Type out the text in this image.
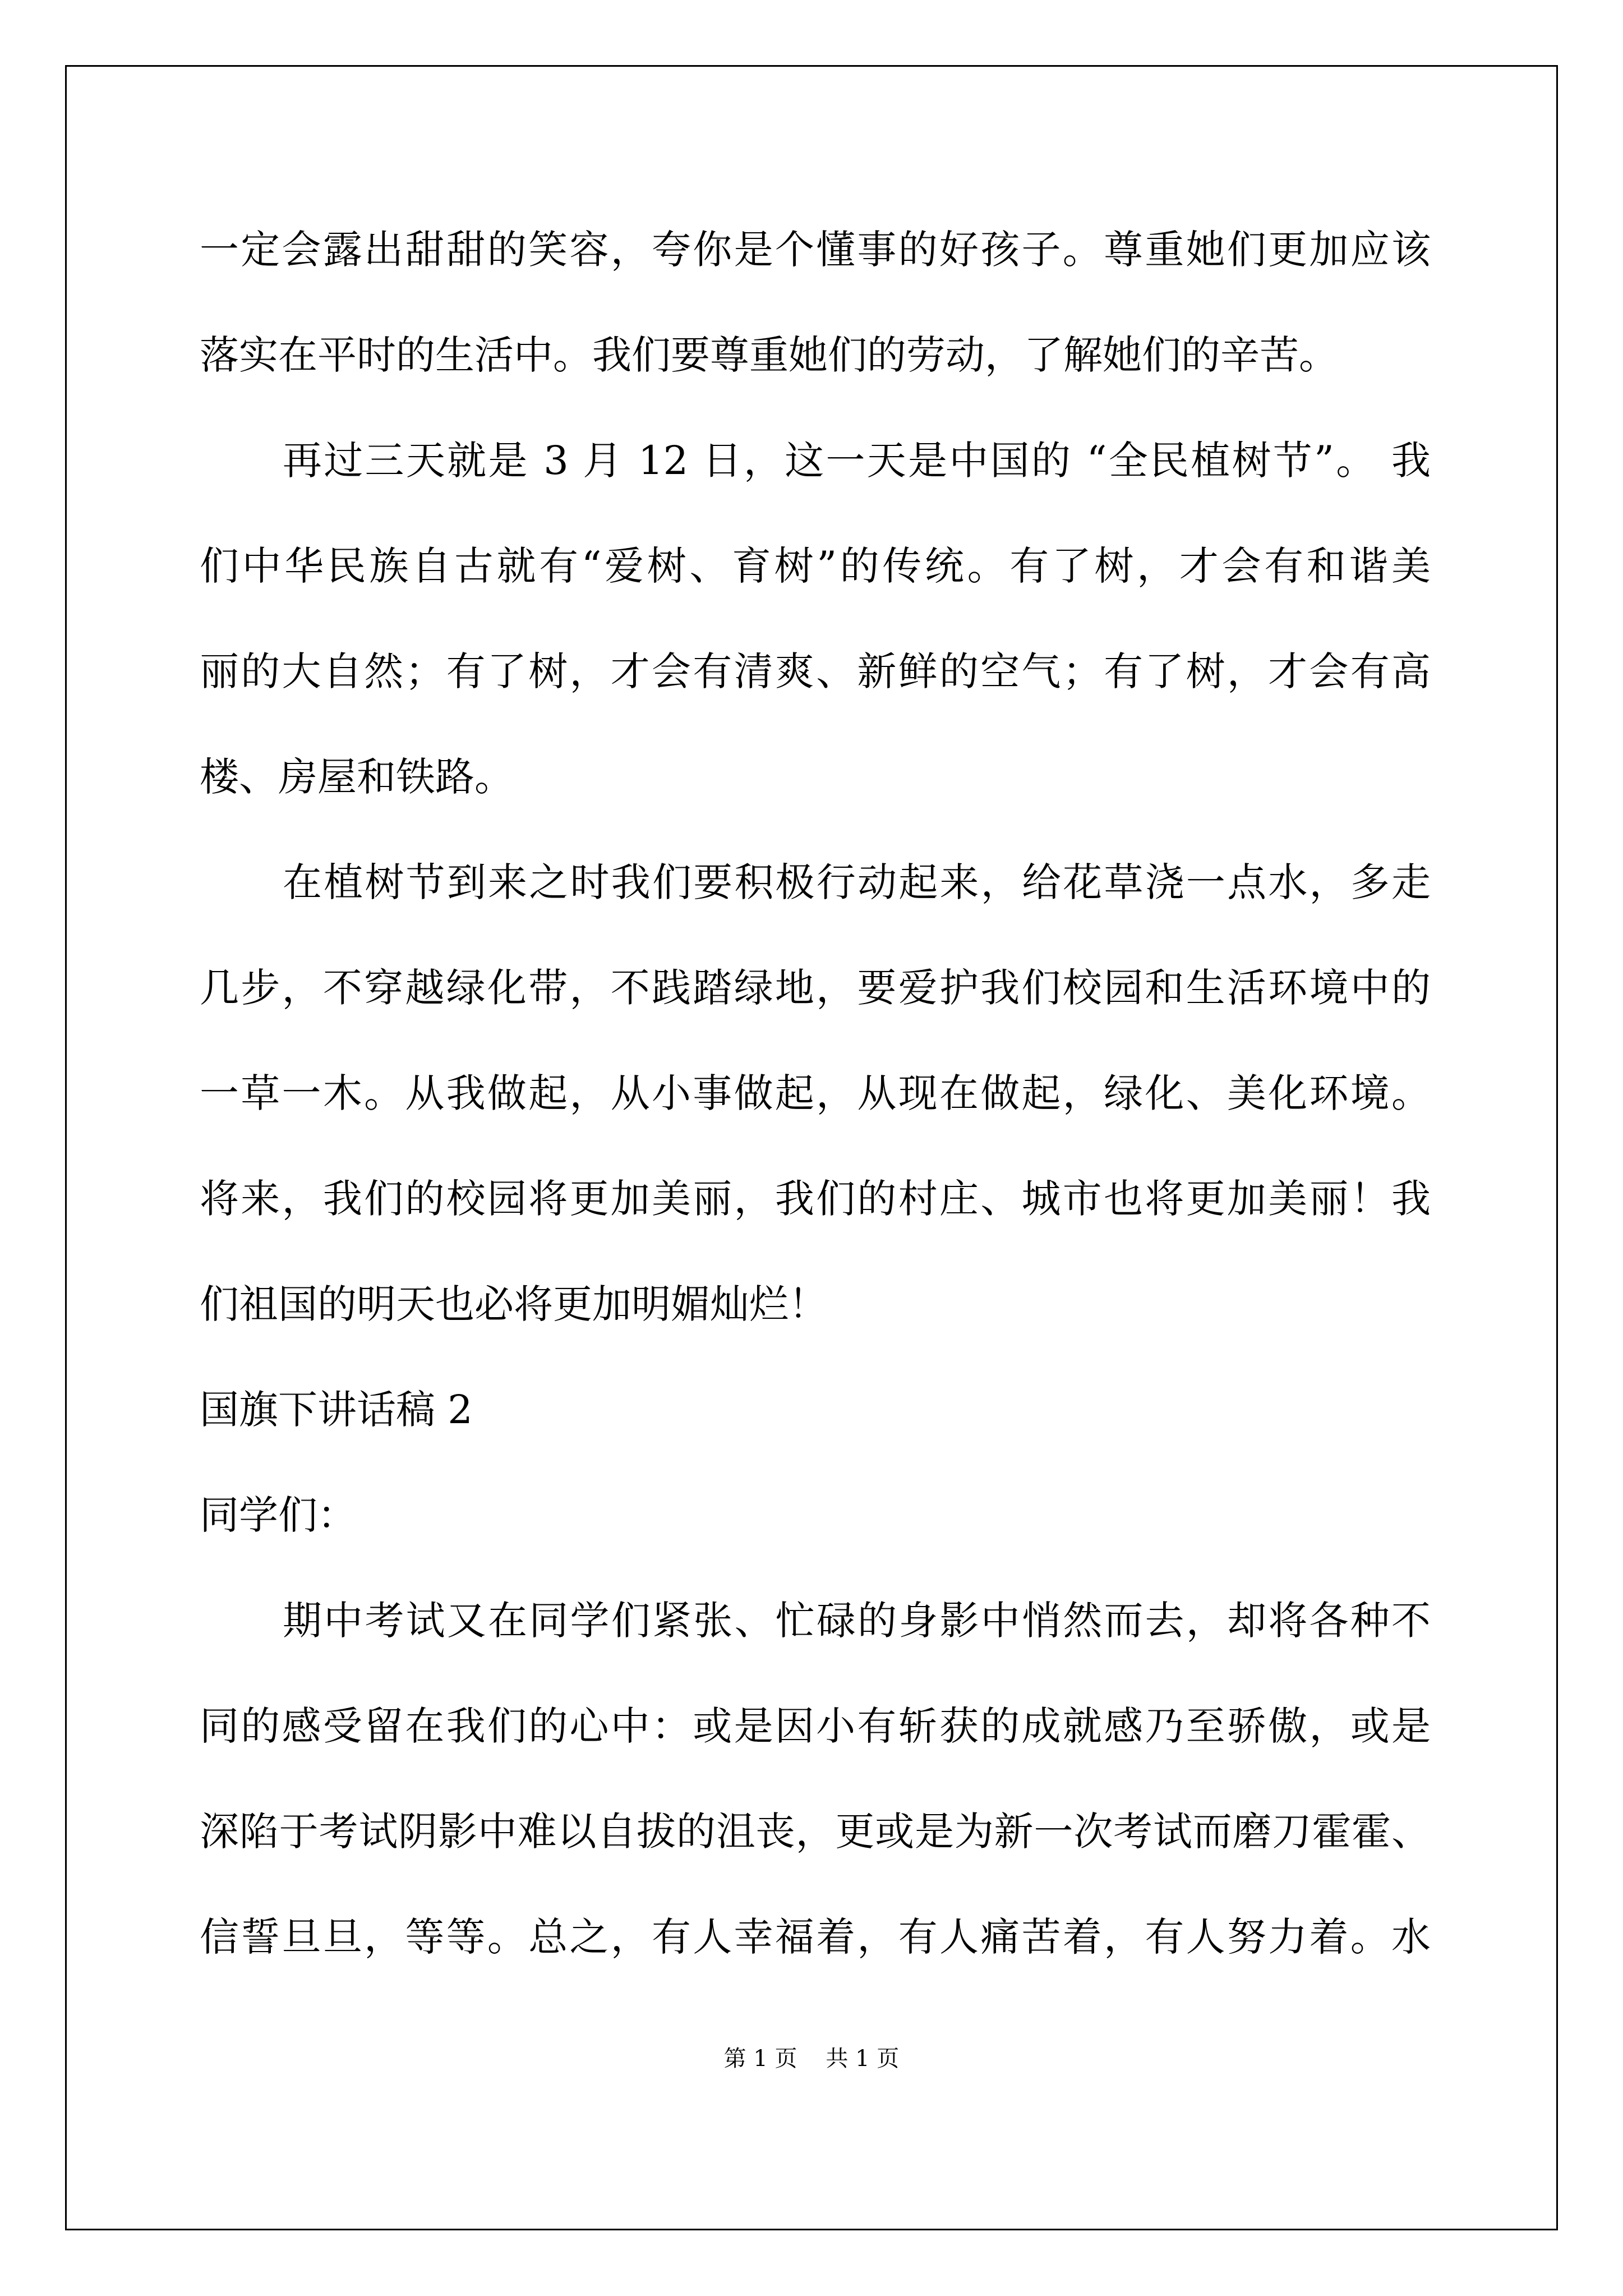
一定会露出甜甜的笑容，夸你是个懂事的好孩子。尊重她们更加应该
落实在平时的生活中。我们要尊重她们的劳动，了解她们的辛苦。
再过三天就是 3 月 12 日，这一天是中国的 “全民植树节”。 我
们中华民族自古就有“爱树、育树”的传统。有了树，才会有和谐美
丽的大自然；有了树，才会有清爽、新鲜的空气；有了树，才会有高
楼、房屋和铁路。
在植树节到来之时我们要积极行动起来，给花草浇一点水，多走
几步，不穿越绿化带，不践踏绿地，要爱护我们校园和生活环境中的
一草一木。从我做起，从小事做起，从现在做起，绿化、美化环境。
将来，我们的校园将更加美丽，我们的村庄、城市也将更加美丽！我
们祖国的明天也必将更加明媚灿烂！
国旗下讲话稿 2
同学们：
期中考试又在同学们紧张、忙碌的身影中悄然而去，却将各种不
同的感受留在我们的心中：或是因小有斩获的成就感乃至骄傲，或是
深陷于考试阴影中难以自拔的沮丧，更或是为新一次考试而磨刀霍霍、
信誓旦旦，等等。总之，有人幸福着，有人痛苦着，有人努力着。水
第 1 页 共 1 页
